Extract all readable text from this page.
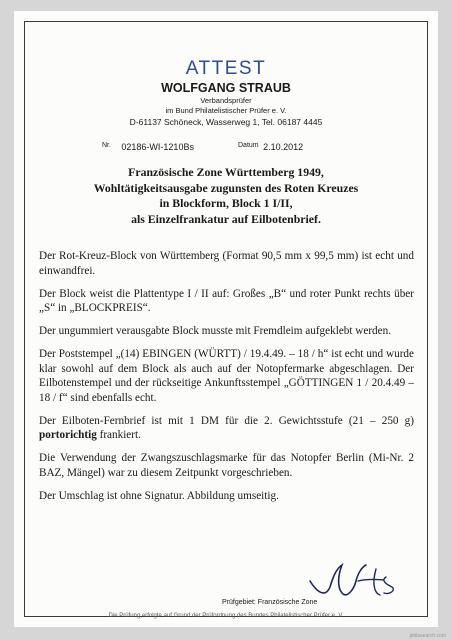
ATTEST
WOLFGANG STRAUB
Verbandsprüfer
im Bund Philatelistischer Prüfer e. V.
D-61137 Schöneck, Wasserweg 1, Tel. 06187 4445
Nr. 02186-WI-1210Bs	Datum 2.10.2012
Französische Zone Württemberg 1949,
Wohltätigkeitsausgabe zugunsten des Roten Kreuzes
in Blockform, Block 1 I/II,
als Einzelfrankatur auf Eilbotenbrief.

Der Rot-Kreuz-Block von Württemberg (Format 90,5 mm x 99,5 mm) ist echt und einwandfrei.

Der Block weist die Plattentype I / II auf: Großes „B“ und roter Punkt rechts über „S“ in „BLOCKPREIS“.

Der ungummiert verausgabte Block musste mit Fremdleim aufgeklebt werden.

Der Poststempel „(14) EBINGEN (WÜRTT) / 19.4.49. – 18 / h“ ist echt und wurde klar sowohl auf dem Block als auch auf der Notopfermarke abgeschlagen. Der Eilbotenstempel und der rückseitige Ankunftsstempel „GÖTTINGEN 1 / 20.4.49 – 18 / f“ sind ebenfalls echt.

Der Eilboten-Fernbrief ist mit 1 DM für die 2. Gewichtsstufe (21 – 250 g) portorichtig frankiert.

Die Verwendung der Zwangszuschlagsmarke für das Notopfer Berlin (Mi-Nr. 2 BAZ, Mängel) war zu diesem Zeitpunkt vorgeschrieben.

Der Umschlag ist ohne Signatur. Abbildung umseitig.

Prüfgebiet: Französische Zone
Die Prüfung erfolgte auf Grund der Prüfordnung des Bundes Philatelistischer Prüfer e. V.
philasearch.com
